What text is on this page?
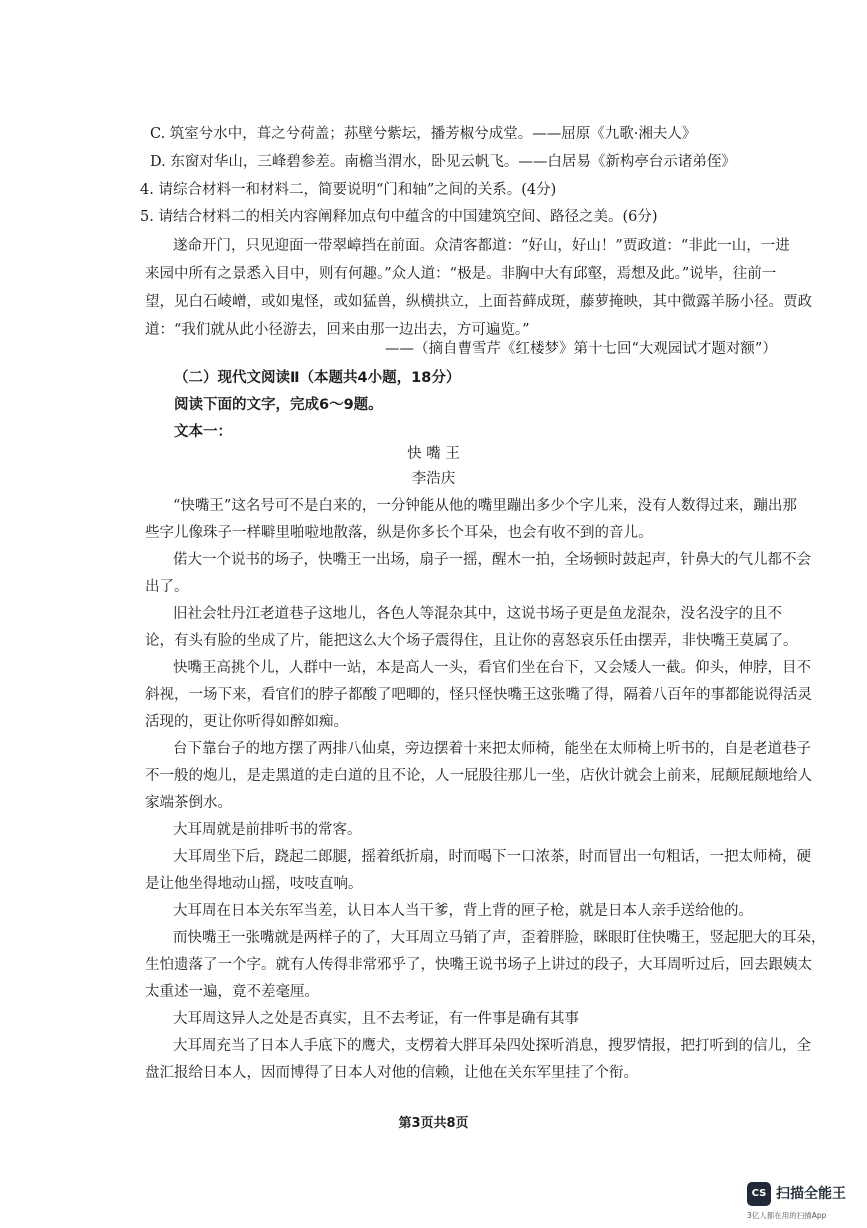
C. 筑室兮水中，葺之兮荷盖；荪壁兮紫坛，播芳椒兮成堂。——屈原《九歌·湘夫人》
D. 东窗对华山，三峰碧参差。南檐当渭水，卧见云帆飞。——白居易《新构亭台示诸弟侄》
4. 请综合材料一和材料二，简要说明“门和轴”之间的关系。(4分)
5. 请结合材料二的相关内容阐释加点句中蕴含的中国建筑空间、路径之美。(6分)
遂命开门，只见迎面一带翠嶂挡在前面。众清客都道：“好山，好山！”贾政道：“非此一山，一进
来园中所有之景悉入目中，则有何趣。”众人道：“极是。非胸中大有邱壑，焉想及此。”说毕，往前一
望，见白石崚嶒，或如鬼怪，或如猛兽，纵横拱立，上面苔藓成斑，藤萝掩映，其中微露羊肠小径。贾政
道：“我们就从此小径游去，回来由那一边出去，方可遍览。”
——（摘自曹雪芹《红楼梦》第十七回“大观园试才题对额”）
（二）现代文阅读Ⅱ（本题共4小题，18分）
阅读下面的文字，完成6～9题。
文本一：
快 嘴 王
李浩庆
“快嘴王”这名号可不是白来的，一分钟能从他的嘴里蹦出多少个字儿来，没有人数得过来，蹦出那
些字儿像珠子一样噼里啪啦地散落，纵是你多长个耳朵，也会有收不到的音儿。
偌大一个说书的场子，快嘴王一出场，扇子一摇，醒木一拍，全场顿时鼓起声，针鼻大的气儿都不会
出了。
旧社会牡丹江老道巷子这地儿，各色人等混杂其中，这说书场子更是鱼龙混杂，没名没字的且不
论，有头有脸的坐成了片，能把这么大个场子震得住，且让你的喜怒哀乐任由摆弄，非快嘴王莫属了。
快嘴王高挑个儿，人群中一站，本是高人一头，看官们坐在台下，又会矮人一截。仰头，伸脖，目不
斜视，一场下来，看官们的脖子都酸了吧唧的，怪只怪快嘴王这张嘴了得，隔着八百年的事都能说得活灵
活现的，更让你听得如醉如痴。
台下靠台子的地方摆了两排八仙桌，旁边摆着十来把太师椅，能坐在太师椅上听书的，自是老道巷子
不一般的炮儿，是走黑道的走白道的且不论，人一屁股往那儿一坐，店伙计就会上前来，屁颠屁颠地给人
家端茶倒水。
大耳周就是前排听书的常客。
大耳周坐下后，跷起二郎腿，摇着纸折扇，时而喝下一口浓茶，时而冒出一句粗话，一把太师椅，硬
是让他坐得地动山摇，吱吱直响。
大耳周在日本关东军当差，认日本人当干爹，背上背的匣子枪，就是日本人亲手送给他的。
而快嘴王一张嘴就是两样子的了，大耳周立马销了声，歪着胖脸，眯眼盯住快嘴王，竖起肥大的耳朵，
生怕遗落了一个字。就有人传得非常邪乎了，快嘴王说书场子上讲过的段子，大耳周听过后，回去跟姨太
太重述一遍，竟不差毫厘。
大耳周这异人之处是否真实，且不去考证，有一件事是确有其事
大耳周充当了日本人手底下的鹰犬，支楞着大胖耳朵四处探听消息，搜罗情报，把打听到的信儿，全
盘汇报给日本人，因而博得了日本人对他的信赖，让他在关东军里挂了个衔。
第3页共8页
CS 扫描全能王
3亿人都在用的扫描App
